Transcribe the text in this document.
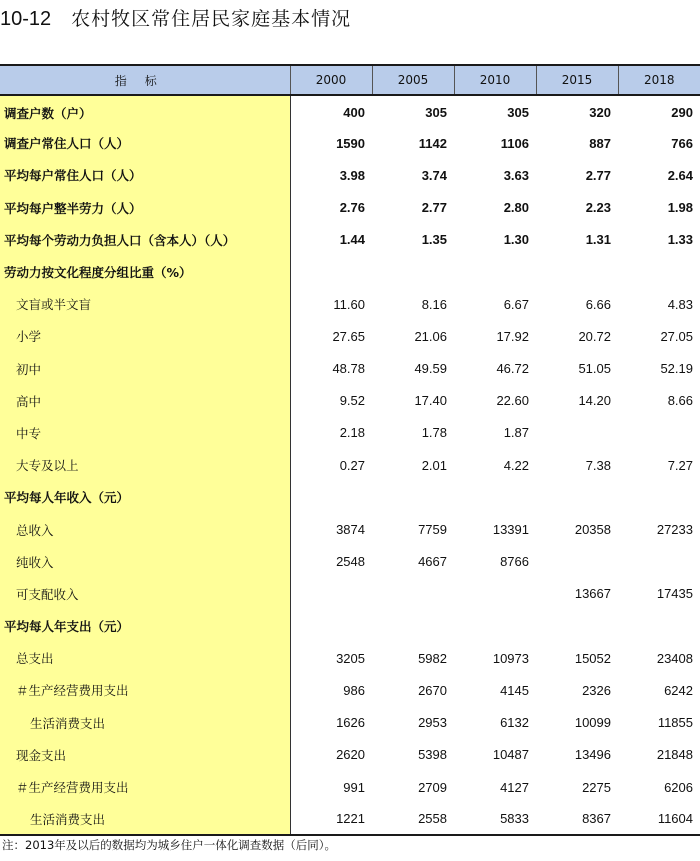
10-12 农村牧区常住居民家庭基本情况
指标	2000	2005	2010	2015	2018
调查户数（户）	400	305	305	320	290
调查户常住人口（人）	1590	1142	1106	887	766
平均每户常住人口（人）	3.98	3.74	3.63	2.77	2.64
平均每户整半劳力（人）	2.76	2.77	2.80	2.23	1.98
平均每个劳动力负担人口（含本人）（人）	1.44	1.35	1.30	1.31	1.33
劳动力按文化程度分组比重（%）					
文盲或半文盲	11.60	8.16	6.67	6.66	4.83
小学	27.65	21.06	17.92	20.72	27.05
初中	48.78	49.59	46.72	51.05	52.19
高中	9.52	17.40	22.60	14.20	8.66
中专	2.18	1.78	1.87		
大专及以上	0.27	2.01	4.22	7.38	7.27
平均每人年收入（元）					
总收入	3874	7759	13391	20358	27233
纯收入	2548	4667	8766		
可支配收入				13667	17435
平均每人年支出（元）					
总支出	3205	5982	10973	15052	23408
＃生产经营费用支出	986	2670	4145	2326	6242
生活消费支出	1626	2953	6132	10099	11855
现金支出	2620	5398	10487	13496	21848
＃生产经营费用支出	991	2709	4127	2275	6206
生活消费支出	1221	2558	5833	8367	11604
注：2013年及以后的数据均为城乡住户一体化调查数据（后同）。
